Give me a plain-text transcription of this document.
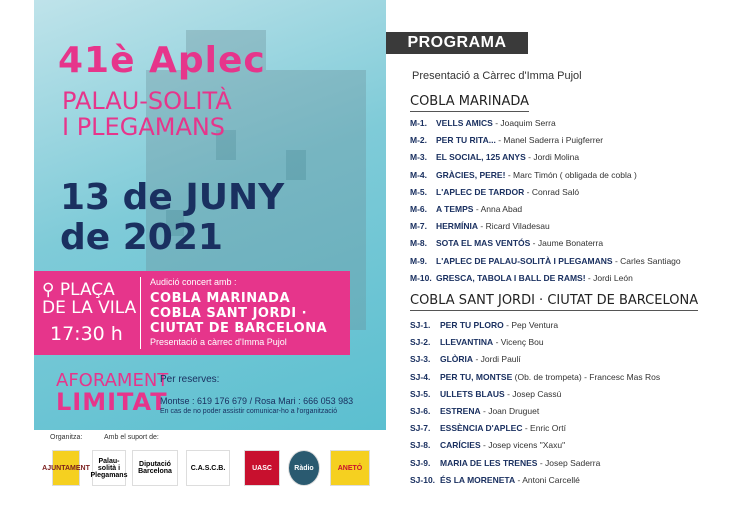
41è Aplec
PALAU-SOLITÀ
I PLEGAMANS
13 de JUNY
de 2021
⚲ PLAÇA
DE LA VILA
17:30 h
Audició concert amb :
COBLA MARINADA
COBLA SANT JORDI ·
CIUTAT DE BARCELONA
Presentació a càrrec d'Imma Pujol
AFORAMENT
LIMITAT
Per reserves:
Montse : 619 176 679 / Rosa Mari : 666 053 983
En cas de no poder assistir comunicar-ho a l'organització
Organitza:	Amb el suport de:
AJUNTAMENT
Palau-solità i Plegamans
Diputació Barcelona	C.A.S.C.B.	UASC	Ràdio	ANETÓ
PROGRAMA
Presentació a Càrrec d'Imma Pujol
COBLA MARINADA
COBLA SANT JORDI · CIUTAT DE BARCELONA
M-1. VELLS AMICS - Joaquim Serra
M-2. PER TU RITA... - Manel Saderra i Puigferrer
M-3. EL SOCIAL, 125 ANYS - Jordi Molina
M-4. GRÀCIES, PERE! - Marc Timón ( obligada de cobla )
M-5. L'APLEC DE TARDOR - Conrad Saló
M-6. A TEMPS - Anna Abad
M-7. HERMÍNIA - Ricard Viladesau
M-8. SOTA EL MAS VENTÓS - Jaume Bonaterra
M-9. L'APLEC DE PALAU-SOLITÀ I PLEGAMANS - Carles Santiago
M-10. GRESCA, TABOLA I BALL DE RAMS! - Jordi León
SJ-1. PER TU PLORO - Pep Ventura
SJ-2. LLEVANTINA - Vicenç Bou
SJ-3. GLÒRIA - Jordi Paulí
SJ-4. PER TU, MONTSE (Ob. de trompeta) - Francesc Mas Ros
SJ-5. ULLETS BLAUS - Josep Cassú
SJ-6. ESTRENA - Joan Druguet
SJ-7. ESSÈNCIA D'APLEC - Enric Ortí
SJ-8. CARÍCIES - Josep vicens "Xaxu"
SJ-9. MARIA DE LES TRENES - Josep Saderra
SJ-10. ÉS LA MORENETA - Antoni Carcellé
